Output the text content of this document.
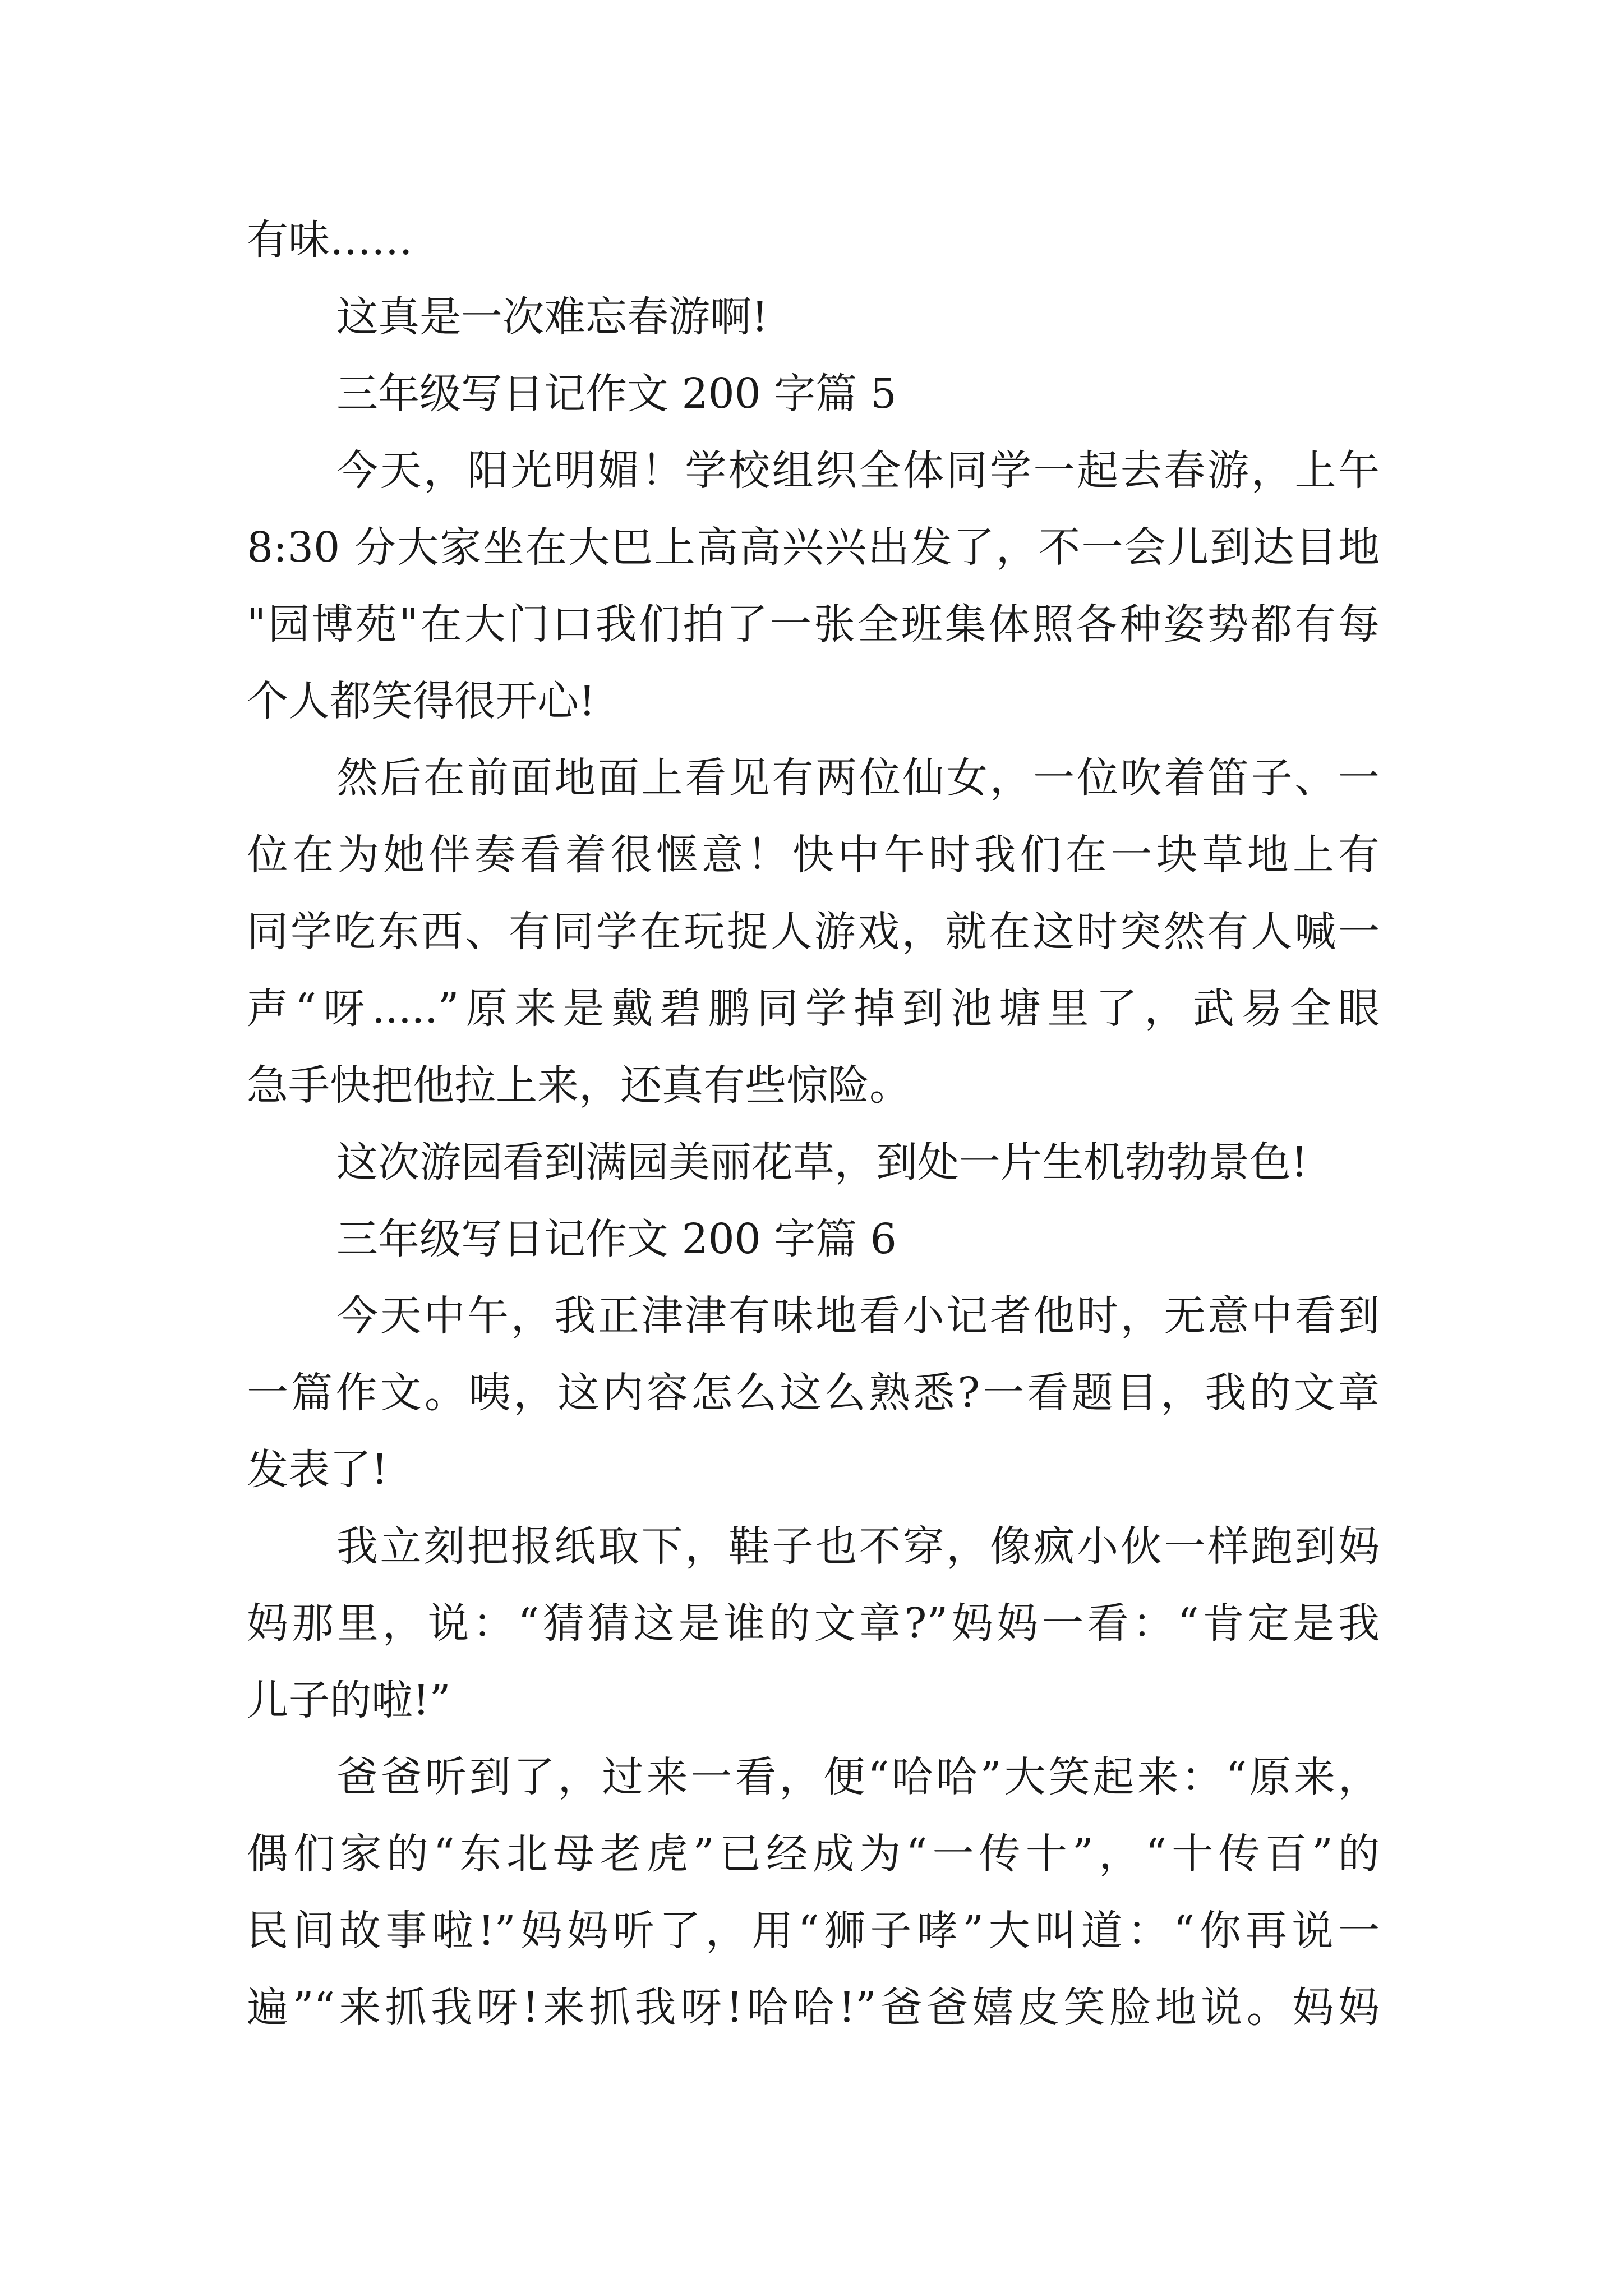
有味……
这真是一次难忘春游啊!
三年级写日记作文 200 字篇 5
今天，阳光明媚！学校组织全体同学一起去春游，上午
8:30 分大家坐在大巴上高高兴兴出发了，不一会儿到达目地
"园博苑"在大门口我们拍了一张全班集体照各种姿势都有每
个人都笑得很开心!
然后在前面地面上看见有两位仙女，一位吹着笛子、一
位在为她伴奏看着很惬意！快中午时我们在一块草地上有
同学吃东西、有同学在玩捉人游戏，就在这时突然有人喊一
声“呀.....”原来是戴碧鹏同学掉到池塘里了，武易全眼
急手快把他拉上来，还真有些惊险。
这次游园看到满园美丽花草，到处一片生机勃勃景色!
三年级写日记作文 200 字篇 6
今天中午，我正津津有味地看小记者他时，无意中看到
一篇作文。咦，这内容怎么这么熟悉?一看题目，我的文章
发表了!
我立刻把报纸取下，鞋子也不穿，像疯小伙一样跑到妈
妈那里，说：“猜猜这是谁的文章?”妈妈一看：“肯定是我
儿子的啦!”
爸爸听到了，过来一看，便“哈哈”大笑起来：“原来，
偶们家的“东北母老虎”已经成为“一传十”，“十传百”的
民间故事啦!”妈妈听了，用“狮子哮”大叫道：“你再说一
遍”“来抓我呀!来抓我呀!哈哈!”爸爸嬉皮笑脸地说。妈妈
